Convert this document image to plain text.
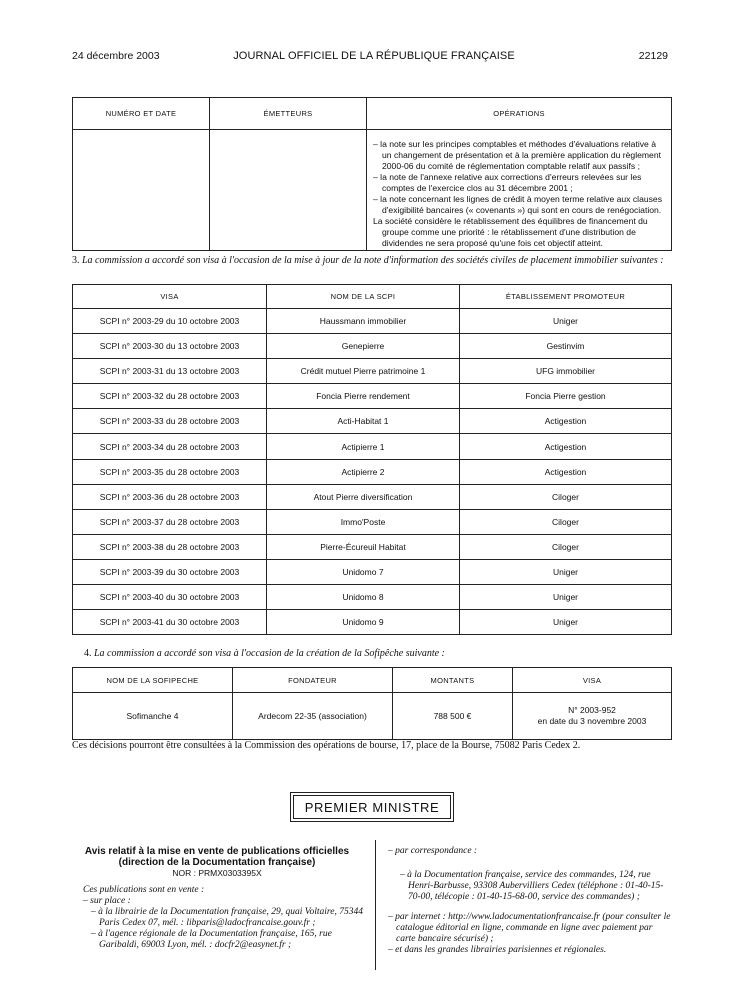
24 décembre 2003	JOURNAL OFFICIEL DE LA RÉPUBLIQUE FRANÇAISE	22129
NUMÉRO ET DATE	ÉMETTEURS	OPÉRATIONS

		– la note sur les principes comptables et méthodes d'évaluations relative à un changement de présentation et à la première application du règlement 2000-06 du comité de réglementation comptable relatif aux passifs ;
– la note de l'annexe relative aux corrections d'erreurs relevées sur les comptes de l'exercice clos au 31 décembre 2001 ;
– la note concernant les lignes de crédit à moyen terme relative aux clauses d'exigibilité bancaires (« covenants ») qui sont en cours de renégociation.
La société considère le rétablissement des équilibres de financement du groupe comme une priorité : le rétablissement d'une distribution de dividendes ne sera proposé qu'une fois cet objectif atteint.
3. La commission a accordé son visa à l'occasion de la mise à jour de la note d'information des sociétés civiles de placement immobilier suivantes :
VISA	NOM DE LA SCPI	ÉTABLISSEMENT PROMOTEUR
SCPI n° 2003-29 du 10 octobre 2003	Haussmann immobilier	Uniger
SCPI n° 2003-30 du 13 octobre 2003	Genepierre	Gestinvim
SCPI n° 2003-31 du 13 octobre 2003	Crédit mutuel Pierre patrimoine 1	UFG immobilier
SCPI n° 2003-32 du 28 octobre 2003	Foncia Pierre rendement	Foncia Pierre gestion
SCPI n° 2003-33 du 28 octobre 2003	Acti-Habitat 1	Actigestion
SCPI n° 2003-34 du 28 octobre 2003	Actipierre 1	Actigestion
SCPI n° 2003-35 du 28 octobre 2003	Actipierre 2	Actigestion
SCPI n° 2003-36 du 28 octobre 2003	Atout Pierre diversification	Ciloger
SCPI n° 2003-37 du 28 octobre 2003	Immo'Poste	Ciloger
SCPI n° 2003-38 du 28 octobre 2003	Pierre-Écureuil Habitat	Ciloger
SCPI n° 2003-39 du 30 octobre 2003	Unidomo 7	Uniger
SCPI n° 2003-40 du 30 octobre 2003	Unidomo 8	Uniger
SCPI n° 2003-41 du 30 octobre 2003	Unidomo 9	Uniger
4. La commission a accordé son visa à l'occasion de la création de la Sofipêche suivante :
NOM DE LA SOFIPECHE	FONDATEUR	MONTANTS	VISA
Sofimanche 4	Ardecom 22-35 (association)	788 500 €	N° 2003-952
en date du 3 novembre 2003
Ces décisions pourront être consultées à la Commission des opérations de bourse, 17, place de la Bourse, 75082 Paris Cedex 2.
PREMIER MINISTRE
Avis relatif à la mise en vente de publications officielles
(direction de la Documentation française)
NOR : PRMX0303395X
Ces publications sont en vente :
– sur place :
– à la librairie de la Documentation française, 29, quai Voltaire, 75344 Paris Cedex 07, mél. : libparis@ladocfrancaise.gouv.fr ;
– à l'agence régionale de la Documentation française, 165, rue Garibaldi, 69003 Lyon, mél. : docfr2@easynet.fr ;
– par correspondance :
– à la Documentation française, service des commandes, 124, rue Henri-Barbusse, 93308 Aubervilliers Cedex (téléphone : 01-40-15-70-00, télécopie : 01-40-15-68-00, service des commandes) ;
– par internet : http://www.ladocumentationfrancaise.fr (pour consulter le catalogue éditorial en ligne, commande en ligne avec paiement par carte bancaire sécurisé) ;
– et dans les grandes librairies parisiennes et régionales.
